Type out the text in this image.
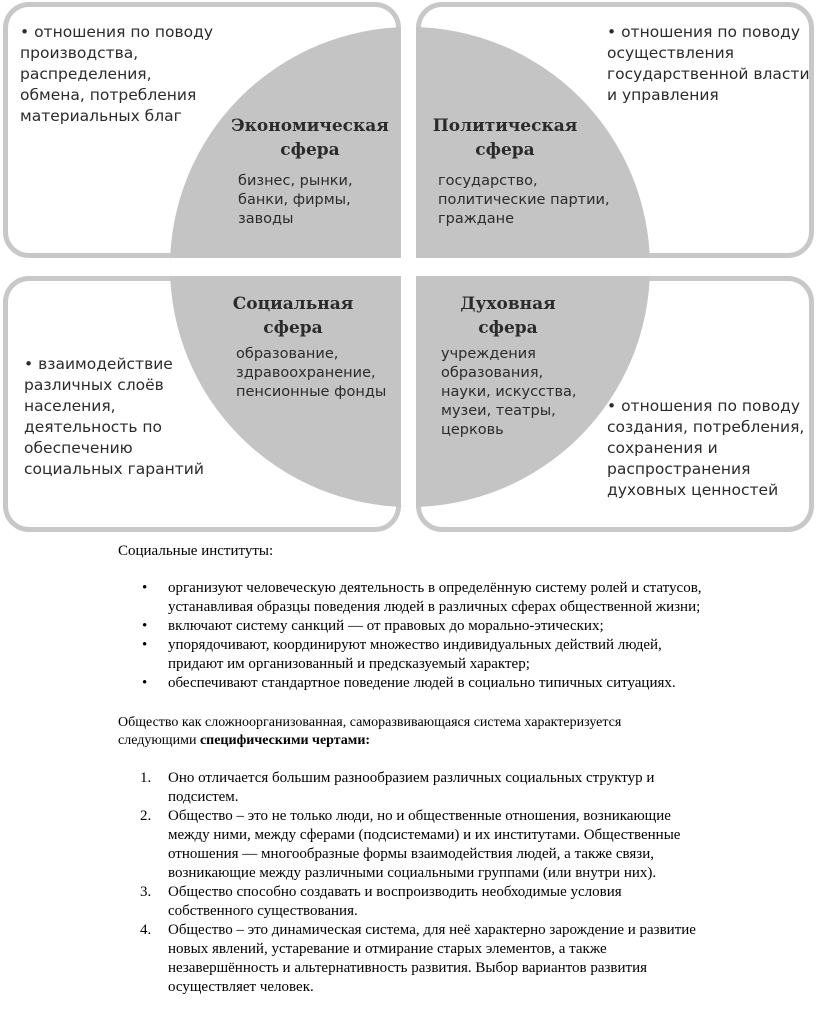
• отношения по поводу
производства,
распределения,
обмена, потребления
материальных благ	Экономическая
сфера
бизнес, рынки,
банки, фирмы,
заводы
• отношения по поводу
осуществления
государственной власти
и управления
Политическая
сфера
государство,
политические партии,
граждане
• взаимодействие
различных слоёв
населения,
деятельность по
обеспечению
социальных гарантий
Социальная
сфера
образование,
здравоохранение,
пенсионные фонды
• отношения по поводу
создания, потребления,
сохранения и
распространения
духовных ценностей
Духовная
сфера
учреждения
образования,
науки, искусства,
музеи, театры,
церковь
Социальные институты:
• организуют человеческую деятельность в определённую систему ролей и статусов,
устанавливая образцы поведения людей в различных сферах общественной жизни;
• включают систему санкций — от правовых до морально-этических;
• упорядочивают, координируют множество индивидуальных действий людей,
придают им организованный и предсказуемый характер;
• обеспечивают стандартное поведение людей в социально типичных ситуациях.
Общество как сложноорганизованная, саморазвивающаяся система характеризуется
следующими специфическими чертами:
1. Оно отличается большим разнообразием различных социальных структур и
подсистем.
2. Общество – это не только люди, но и общественные отношения, возникающие
между ними, между сферами (подсистемами) и их институтами. Общественные
отношения — многообразные формы взаимодействия людей, а также связи,
возникающие между различными социальными группами (или внутри них).
3. Общество способно создавать и воспроизводить необходимые условия
собственного существования.
4. Общество – это динамическая система, для неё характерно зарождение и развитие
новых явлений, устаревание и отмирание старых элементов, а также
незавершённость и альтернативность развития. Выбор вариантов развития
осуществляет человек.
